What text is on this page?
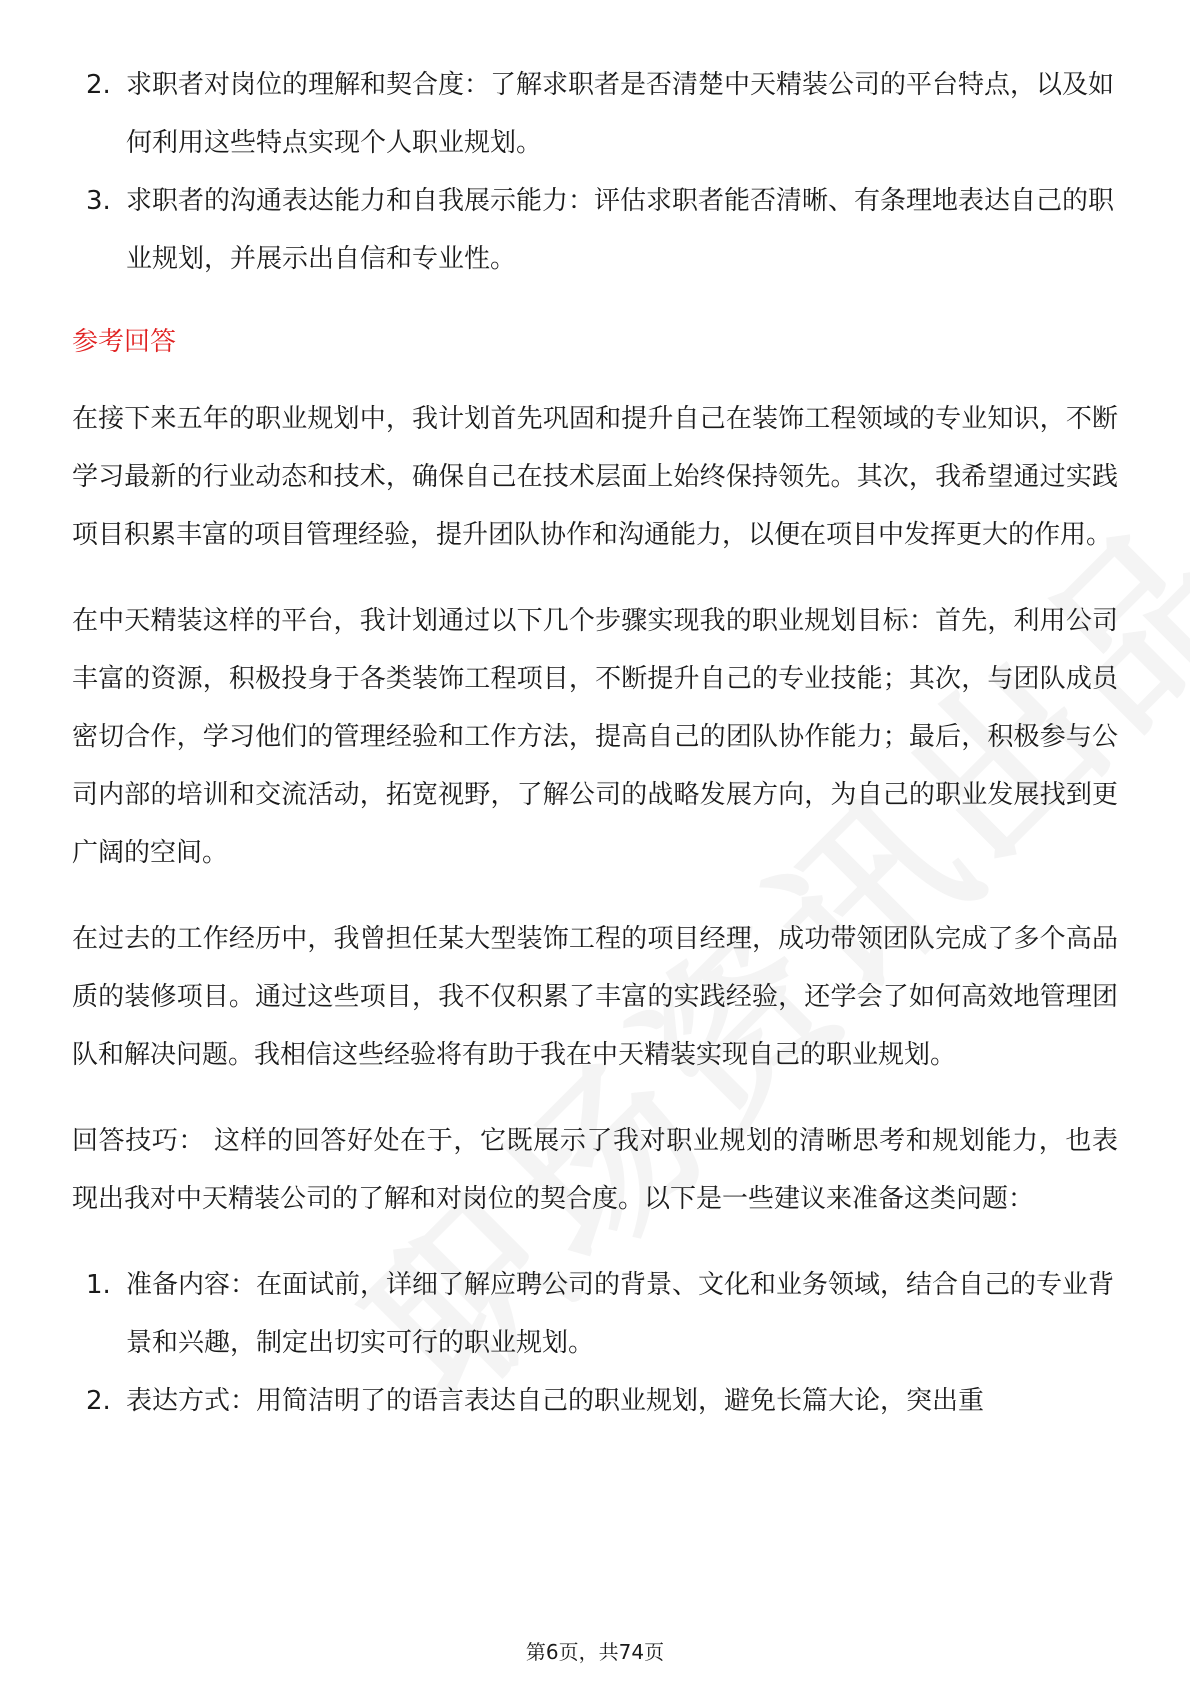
2. 求职者对岗位的理解和契合度：了解求职者是否清楚中天精装公司的平台特点，以及如何利用这些特点实现个人职业规划。
3. 求职者的沟通表达能力和自我展示能力：评估求职者能否清晰、有条理地表达自己的职业规划，并展示出自信和专业性。
参考回答

在接下来五年的职业规划中，我计划首先巩固和提升自己在装饰工程领域的专业知识，不断学习最新的行业动态和技术，确保自己在技术层面上始终保持领先。其次，我希望通过实践项目积累丰富的项目管理经验，提升团队协作和沟通能力，以便在项目中发挥更大的作用。

在中天精装这样的平台，我计划通过以下几个步骤实现我的职业规划目标：首先，利用公司丰富的资源，积极投身于各类装饰工程项目，不断提升自己的专业技能；其次，与团队成员密切合作，学习他们的管理经验和工作方法，提高自己的团队协作能力；最后，积极参与公司内部的培训和交流活动，拓宽视野，了解公司的战略发展方向，为自己的职业发展找到更广阔的空间。

在过去的工作经历中，我曾担任某大型装饰工程的项目经理，成功带领团队完成了多个高品质的装修项目。通过这些项目，我不仅积累了丰富的实践经验，还学会了如何高效地管理团队和解决问题。我相信这些经验将有助于我在中天精装实现自己的职业规划。

回答技巧： 这样的回答好处在于，它既展示了我对职业规划的清晰思考和规划能力，也表现出我对中天精装公司的了解和对岗位的契合度。以下是一些建议来准备这类问题：

1. 准备内容：在面试前，详细了解应聘公司的背景、文化和业务领域，结合自己的专业背景和兴趣，制定出切实可行的职业规划。
2. 表达方式：用简洁明了的语言表达自己的职业规划，避免长篇大论，突出重
第6页，共74页
